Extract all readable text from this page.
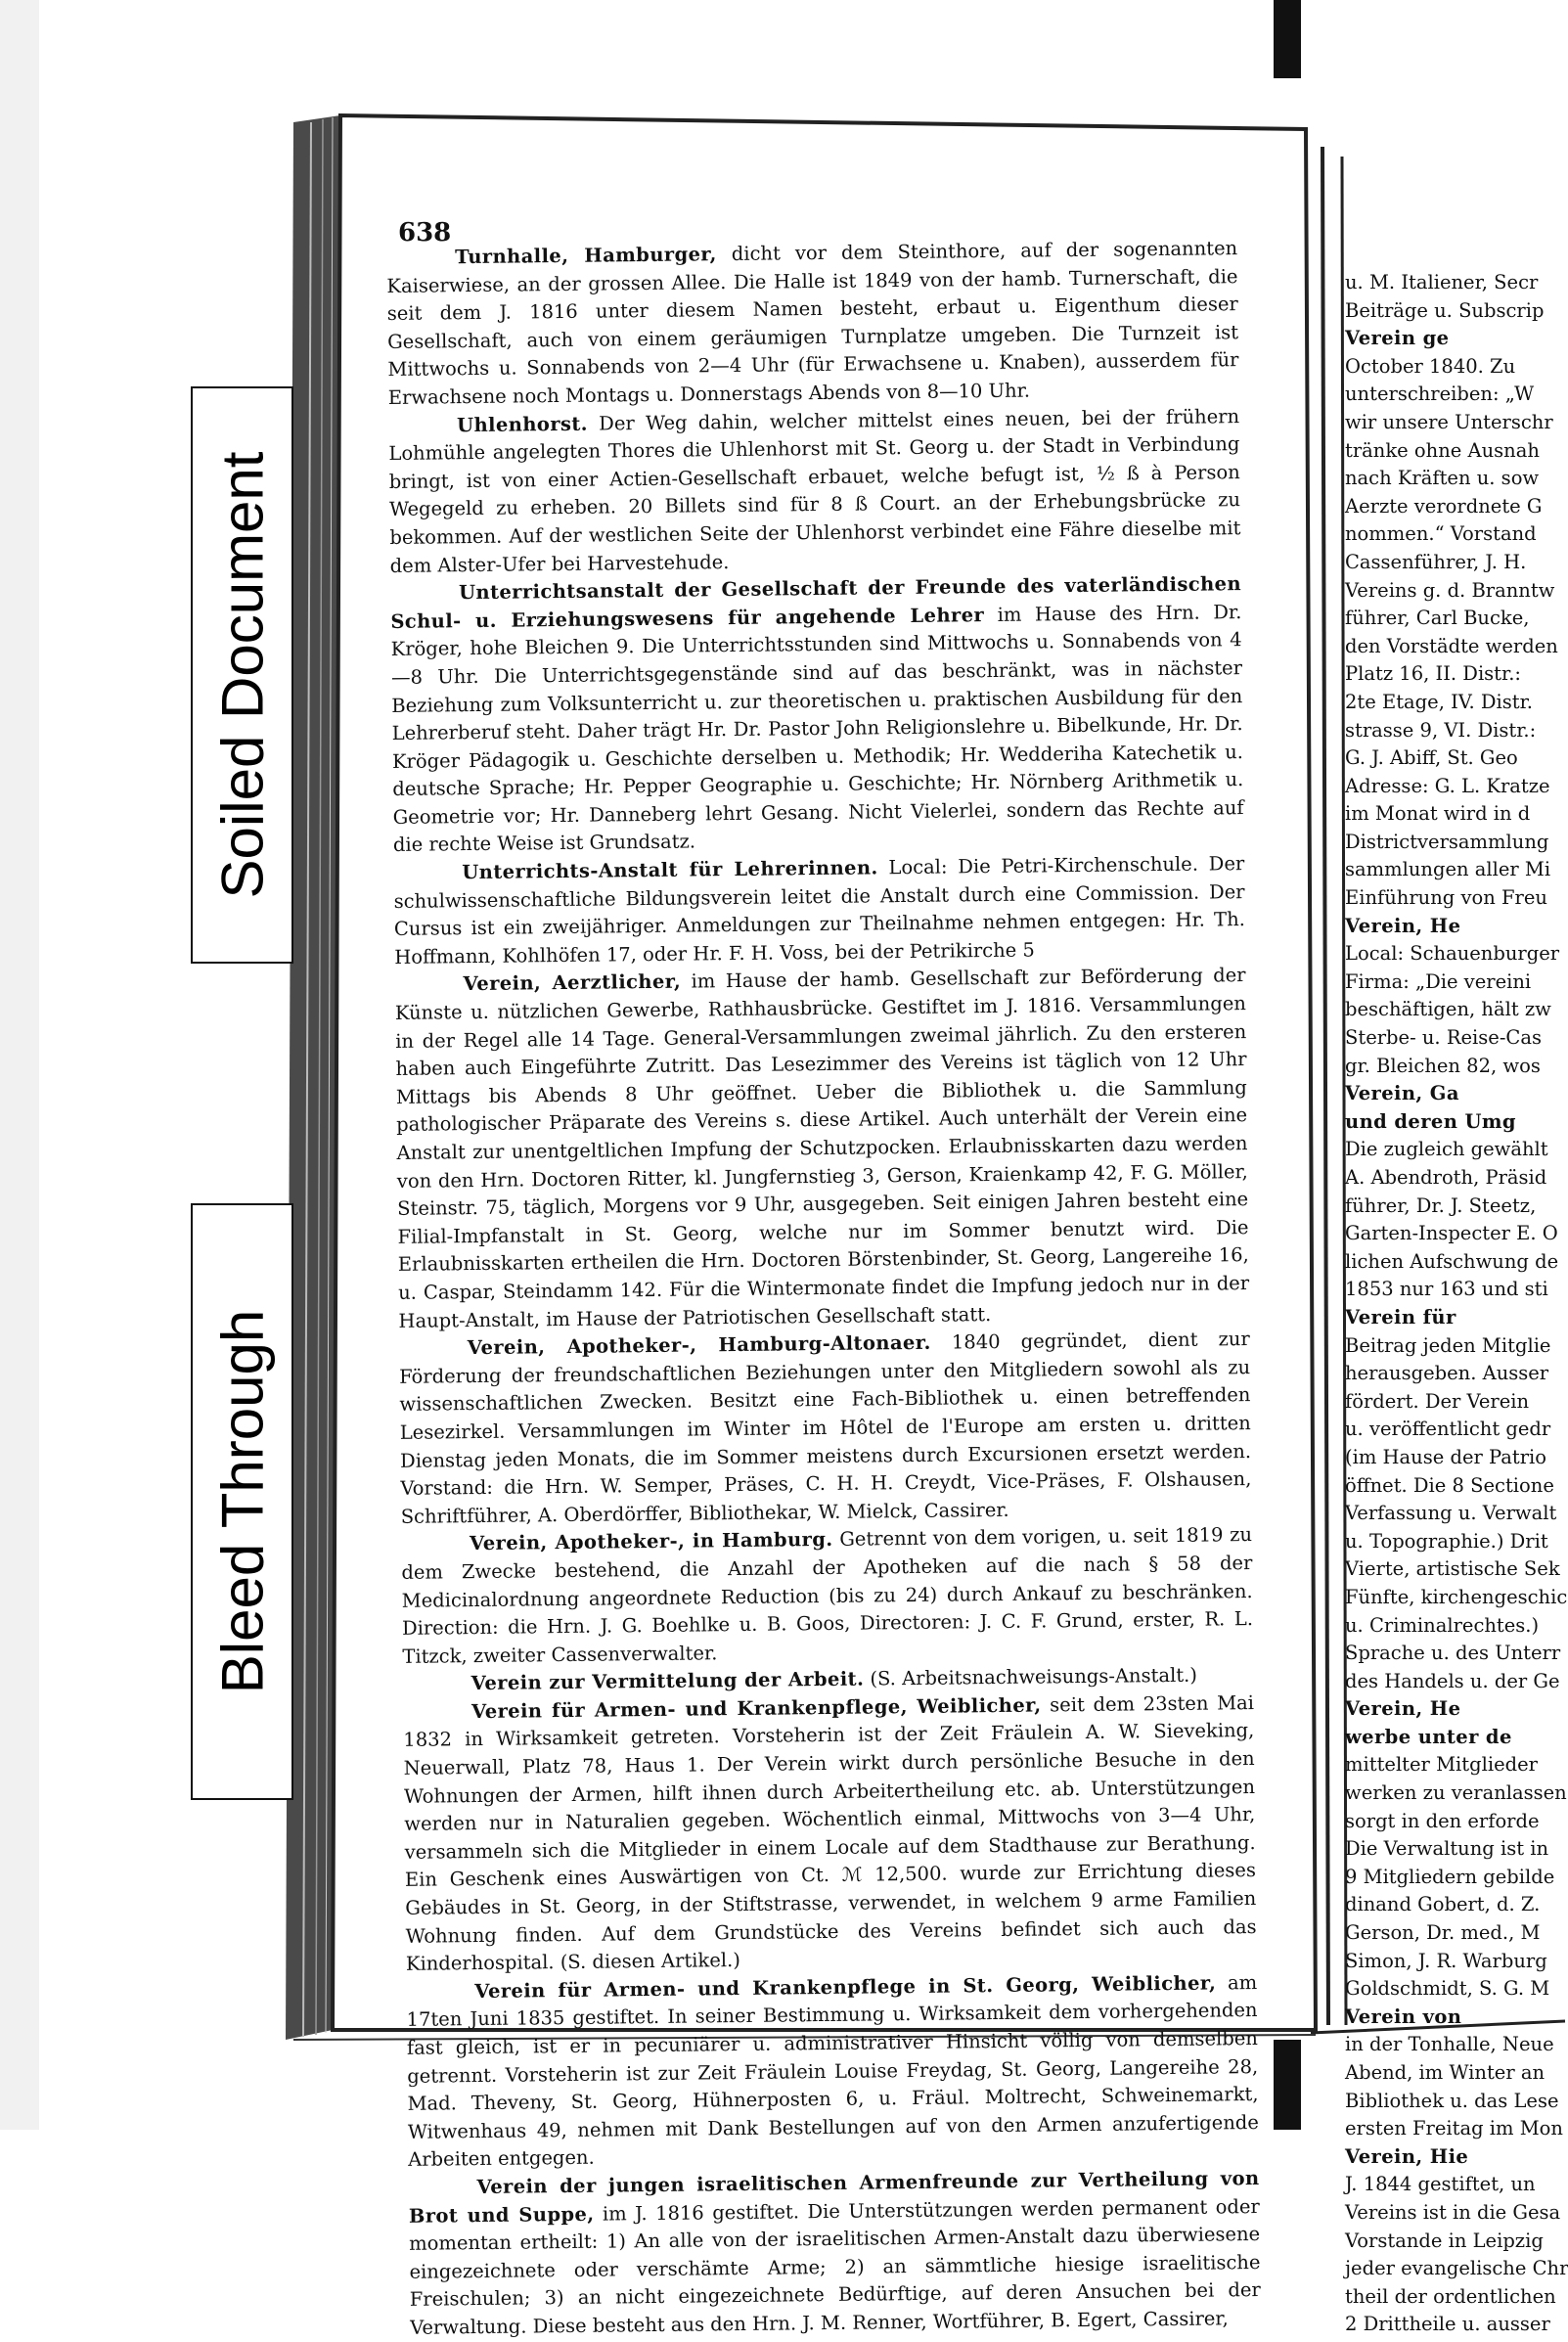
Soiled Document
Bleed Through
638

Turnhalle, Hamburger, dicht vor dem Steinthore, auf der sogenannten Kaiserwiese, an der grossen Allee. Die Halle ist 1849 von der hamb. Turnerschaft, die seit dem J. 1816 unter diesem Namen besteht, erbaut u. Eigenthum dieser Gesellschaft, auch von einem geräumigen Turnplatze umgeben. Die Turnzeit ist Mittwochs u. Sonnabends von 2—4 Uhr (für Erwachsene u. Knaben), ausserdem für Erwachsene noch Montags u. Donnerstags Abends von 8—10 Uhr.

Uhlenhorst. Der Weg dahin, welcher mittelst eines neuen, bei der frühern Lohmühle angelegten Thores die Uhlenhorst mit St. Georg u. der Stadt in Verbindung bringt, ist von einer Actien-Gesellschaft erbauet, welche befugt ist, ½ ß à Person Wegegeld zu erheben. 20 Billets sind für 8 ß Court. an der Erhebungsbrücke zu bekommen. Auf der westlichen Seite der Uhlenhorst verbindet eine Fähre dieselbe mit dem Alster-Ufer bei Harvestehude.

Unterrichtsanstalt der Gesellschaft der Freunde des vaterländischen Schul- u. Erziehungswesens für angehende Lehrer im Hause des Hrn. Dr. Kröger, hohe Bleichen 9. Die Unterrichtsstunden sind Mittwochs u. Sonnabends von 4—8 Uhr. Die Unterrichtsgegenstände sind auf das beschränkt, was in nächster Beziehung zum Volksunterricht u. zur theoretischen u. praktischen Ausbildung für den Lehrerberuf steht. Daher trägt Hr. Dr. Pastor John Religionslehre u. Bibelkunde, Hr. Dr. Kröger Pädagogik u. Geschichte derselben u. Methodik; Hr. Wedderiha Katechetik u. deutsche Sprache; Hr. Pepper Geographie u. Geschichte; Hr. Nörnberg Arithmetik u. Geometrie vor; Hr. Danneberg lehrt Gesang. Nicht Vielerlei, sondern das Rechte auf die rechte Weise ist Grundsatz.

Unterrichts-Anstalt für Lehrerinnen. Local: Die Petri-Kirchenschule. Der schulwissenschaftliche Bildungsverein leitet die Anstalt durch eine Commission. Der Cursus ist ein zweijähriger. Anmeldungen zur Theilnahme nehmen entgegen: Hr. Th. Hoffmann, Kohlhöfen 17, oder Hr. F. H. Voss, bei der Petrikirche 5

Verein, Aerztlicher, im Hause der hamb. Gesellschaft zur Beförderung der Künste u. nützlichen Gewerbe, Rathhausbrücke. Gestiftet im J. 1816. Versammlungen in der Regel alle 14 Tage. General-Versammlungen zweimal jährlich. Zu den ersteren haben auch Eingeführte Zutritt. Das Lesezimmer des Vereins ist täglich von 12 Uhr Mittags bis Abends 8 Uhr geöffnet. Ueber die Bibliothek u. die Sammlung pathologischer Präparate des Vereins s. diese Artikel. Auch unterhält der Verein eine Anstalt zur unentgeltlichen Impfung der Schutzpocken. Erlaubnisskarten dazu werden von den Hrn. Doctoren Ritter, kl. Jungfernstieg 3, Gerson, Kraienkamp 42, F. G. Möller, Steinstr. 75, täglich, Morgens vor 9 Uhr, ausgegeben. Seit einigen Jahren besteht eine Filial-Impfanstalt in St. Georg, welche nur im Sommer benutzt wird. Die Erlaubnisskarten ertheilen die Hrn. Doctoren Börstenbinder, St. Georg, Langereihe 16, u. Caspar, Steindamm 142. Für die Wintermonate findet die Impfung jedoch nur in der Haupt-Anstalt, im Hause der Patriotischen Gesellschaft statt.

Verein, Apotheker-, Hamburg-Altonaer. 1840 gegründet, dient zur Förderung der freundschaftlichen Beziehungen unter den Mitgliedern sowohl als zu wissenschaftlichen Zwecken. Besitzt eine Fach-Bibliothek u. einen betreffenden Lesezirkel. Versammlungen im Winter im Hôtel de l'Europe am ersten u. dritten Dienstag jeden Monats, die im Sommer meistens durch Excursionen ersetzt werden. Vorstand: die Hrn. W. Semper, Präses, C. H. H. Creydt, Vice-Präses, F. Olshausen, Schriftführer, A. Oberdörffer, Bibliothekar, W. Mielck, Cassirer.

Verein, Apotheker-, in Hamburg. Getrennt von dem vorigen, u. seit 1819 zu dem Zwecke bestehend, die Anzahl der Apotheken auf die nach § 58 der Medicinalordnung angeordnete Reduction (bis zu 24) durch Ankauf zu beschränken. Direction: die Hrn. J. G. Boehlke u. B. Goos, Directoren: J. C. F. Grund, erster, R. L. Titzck, zweiter Cassenverwalter.

Verein zur Vermittelung der Arbeit. (S. Arbeitsnachweisungs-Anstalt.)

Verein für Armen- und Krankenpflege, Weiblicher, seit dem 23sten Mai 1832 in Wirksamkeit getreten. Vorsteherin ist der Zeit Fräulein A. W. Sieveking, Neuerwall, Platz 78, Haus 1. Der Verein wirkt durch persönliche Besuche in den Wohnungen der Armen, hilft ihnen durch Arbeitertheilung etc. ab. Unterstützungen werden nur in Naturalien gegeben. Wöchentlich einmal, Mittwochs von 3—4 Uhr, versammeln sich die Mitglieder in einem Locale auf dem Stadthause zur Berathung. Ein Geschenk eines Auswärtigen von Ct. ℳ 12,500. wurde zur Errichtung dieses Gebäudes in St. Georg, in der Stiftstrasse, verwendet, in welchem 9 arme Familien Wohnung finden. Auf dem Grundstücke des Vereins befindet sich auch das Kinderhospital. (S. diesen Artikel.)

Verein für Armen- und Krankenpflege in St. Georg, Weiblicher, am 17ten Juni 1835 gestiftet. In seiner Bestimmung u. Wirksamkeit dem vorhergehenden fast gleich, ist er in pecuniärer u. administrativer Hinsicht völlig von demselben getrennt. Vorsteherin ist zur Zeit Fräulein Louise Freydag, St. Georg, Langereihe 28, Mad. Theveny, St. Georg, Hühnerposten 6, u. Fräul. Moltrecht, Schweinemarkt, Witwenhaus 49, nehmen mit Dank Bestellungen auf von den Armen anzufertigende Arbeiten entgegen.

Verein der jungen israelitischen Armenfreunde zur Vertheilung von Brot und Suppe, im J. 1816 gestiftet. Die Unterstützungen werden permanent oder momentan ertheilt: 1) An alle von der israelitischen Armen-Anstalt dazu überwiesene eingezeichnete oder verschämte Arme; 2) an sämmtliche hiesige israelitische Freischulen; 3) an nicht eingezeichnete Bedürftige, auf deren Ansuchen bei der Verwaltung. Diese besteht aus den Hrn. J. M. Renner, Wortführer, B. Egert, Cassirer,

u. M. Italiener, Secr
Beiträge u. Subscrip
Verein ge
October 1840. Zu
unterschreiben: „W
wir unsere Unterschr
tränke ohne Ausnah
nach Kräften u. sow
Aerzte verordnete G
nommen.“ Vorstand
Cassenführer, J. H.
Vereins g. d. Branntw
führer, Carl Bucke,
den Vorstädte werden
Platz 16, II. Distr.:
2te Etage, IV. Distr.
strasse 9, VI. Distr.:
G. J. Abiff, St. Geo
Adresse: G. L. Kratze
im Monat wird in d
Districtversammlung
sammlungen aller Mi
Einführung von Freu
Verein, He
Local: Schauenburger
Firma: „Die vereini
beschäftigen, hält zw
Sterbe- u. Reise-Cas
gr. Bleichen 82, wos
Verein, Ga
und deren Umg
Die zugleich gewählt
A. Abendroth, Präsid
führer, Dr. J. Steetz,
Garten-Inspecter E. O
lichen Aufschwung de
1853 nur 163 und sti
Verein für
Beitrag jeden Mitglie
herausgeben. Ausser
fördert. Der Verein
u. veröffentlicht gedr
(im Hause der Patrio
öffnet. Die 8 Sectione
Verfassung u. Verwalt
u. Topographie.) Drit
Vierte, artistische Sek
Fünfte, kirchengeschic
u. Criminalrechtes.)
Sprache u. des Unterr
des Handels u. der Ge
Verein, He
werbe unter de
mittelter Mitglieder
werken zu veranlassen
sorgt in den erforde
Die Verwaltung ist in
9 Mitgliedern gebilde
dinand Gobert, d. Z.
Gerson, Dr. med., M
Simon, J. R. Warburg
Goldschmidt, S. G. M
Verein von
in der Tonhalle, Neue
Abend, im Winter an
Bibliothek u. das Lese
ersten Freitag im Mon
Verein, Hie
J. 1844 gestiftet, un
Vereins ist in die Gesa
Vorstande in Leipzig
jeder evangelische Chr
theil der ordentlichen
2 Drittheile u. ausser
